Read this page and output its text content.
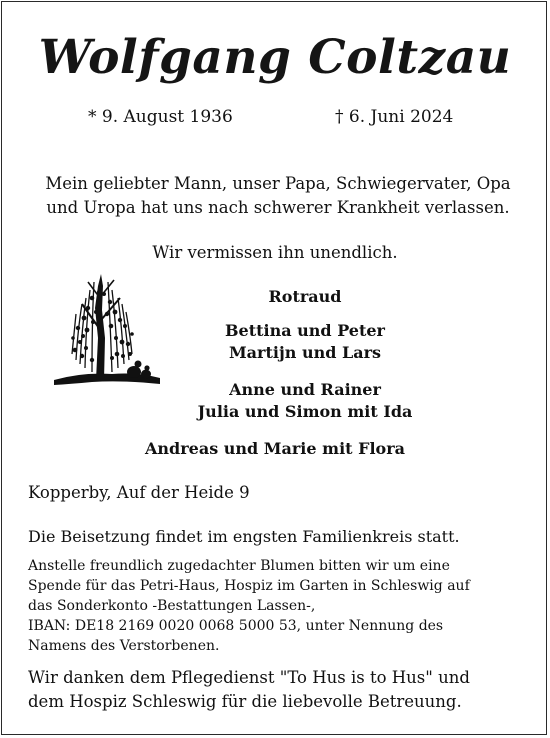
Wolfgang Coltzau

* 9. August 1936	† 6. Juni 2024

Mein geliebter Mann, unser Papa, Schwiegervater, Opa
und Uropa hat uns nach schwerer Krankheit verlassen.

Wir vermissen ihn unendlich.

Rotraud

Bettina und Peter
Martijn und Lars
Anne und Rainer
Julia und Simon mit Ida

Andreas und Marie mit Flora

Kopperby, Auf der Heide 9

Die Beisetzung findet im engsten Familienkreis statt.

Anstelle freundlich zugedachter Blumen bitten wir um eine
Spende für das Petri-Haus, Hospiz im Garten in Schleswig auf
das Sonderkonto -Bestattungen Lassen-,
IBAN: DE18 2169 0020 0068 5000 53, unter Nennung des
Namens des Verstorbenen.
Wir danken dem Pflegedienst "To Hus is to Hus" und
dem Hospiz Schleswig für die liebevolle Betreuung.
